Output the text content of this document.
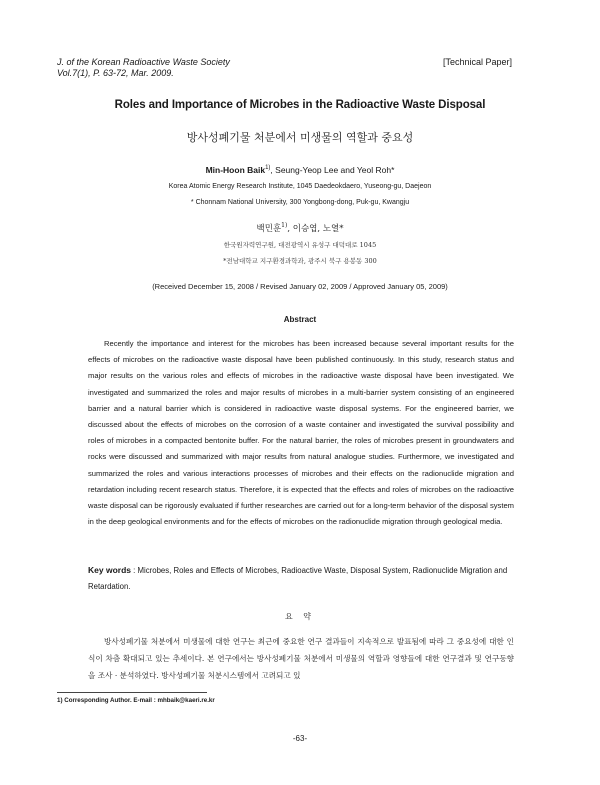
J. of the Korean Radioactive Waste Society
Vol.7(1), P. 63-72, Mar. 2009.
[Technical Paper]
Roles and Importance of Microbes in the Radioactive Waste Disposal
방사성폐기물 처분에서 미생물의 역할과 중요성
Min-Hoon Baik$^{1)}$, Seung-Yeop Lee and Yeol Roh*
Korea Atomic Energy Research Institute, 1045 Daedeokdaero, Yuseong-gu, Daejeon
* Chonnam National University, 300 Yongbong-dong, Puk-gu, Kwangju
백민훈$^{1)}$, 이승엽, 노열*
한국원자력연구원, 대전광역시 유성구 대덕대로 1045
*전남대학교 지구환경과학과, 광주시 북구 용봉동 300
(Received December 15, 2008 / Revised January 02, 2009 / Approved January 05, 2009)
Abstract

Recently the importance and interest for the microbes has been increased because several important results for the effects of microbes on the radioactive waste disposal have been published continuously. In this study, research status and major results on the various roles and effects of microbes in the radioactive waste disposal have been investigated. We investigated and summarized the roles and major results of microbes in a multi-barrier system consisting of an engineered barrier and a natural barrier which is considered in radioactive waste disposal systems. For the engineered barrier, we discussed about the effects of microbes on the corrosion of a waste container and investigated the survival possibility and roles of microbes in a compacted bentonite buffer. For the natural barrier, the roles of microbes present in groundwaters and rocks were discussed and summarized with major results from natural analogue studies. Furthermore, we investigated and summarized the roles and various interactions processes of microbes and their effects on the radionuclide migration and retardation including recent research status. Therefore, it is expected that the effects and roles of microbes on the radioactive waste disposal can be rigorously evaluated if further researches are carried out for a long-term behavior of the disposal system in the deep geological environments and for the effects of microbes on the radionuclide migration through geological media.

Key words : Microbes, Roles and Effects of Microbes, Radioactive Waste, Disposal System, Radionuclide Migration and Retardation.
요 약

방사성폐기물 처분에서 미생물에 대한 연구는 최근에 중요한 연구 결과들이 지속적으로 발표됨에 따라 그 중요성에 대한 인식이 차츰 확대되고 있는 추세이다. 본 연구에서는 방사성폐기물 처분에서 미생물의 역할과 영향들에 대한 연구결과 및 연구동향을 조사 · 분석하였다. 방사성폐기물 처분시스템에서 고려되고 있

1) Corresponding Author. E-mail : mhbaik@kaeri.re.kr
-63-
